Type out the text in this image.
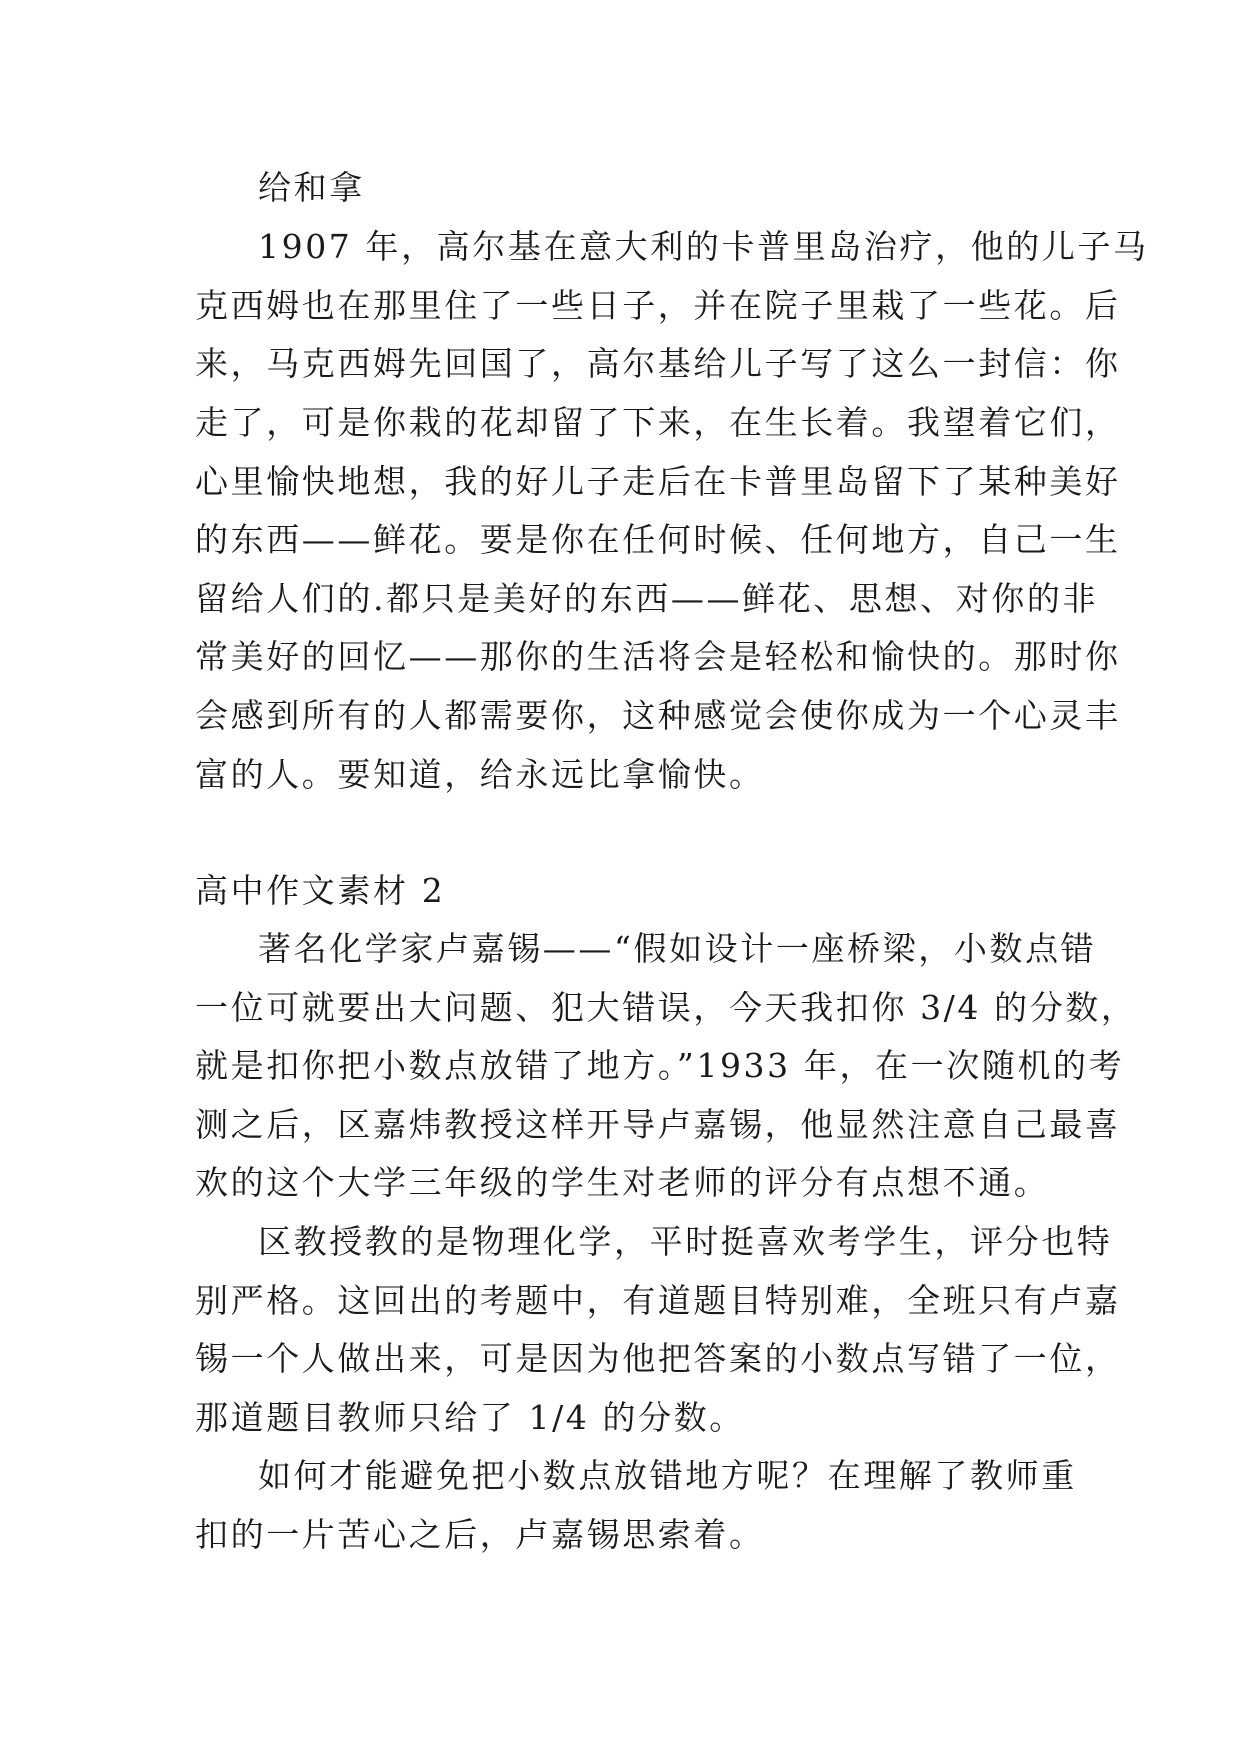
给和拿
1907 年，高尔基在意大利的卡普里岛治疗，他的儿子马
克西姆也在那里住了一些日子，并在院子里栽了一些花。后
来，马克西姆先回国了，高尔基给儿子写了这么一封信：你
走了，可是你栽的花却留了下来，在生长着。我望着它们，
心里愉快地想，我的好儿子走后在卡普里岛留下了某种美好
的东西——鲜花。要是你在任何时候、任何地方，自己一生
留给人们的.都只是美好的东西——鲜花、思想、对你的非
常美好的回忆——那你的生活将会是轻松和愉快的。那时你
会感到所有的人都需要你，这种感觉会使你成为一个心灵丰
富的人。要知道，给永远比拿愉快。
高中作文素材 2
著名化学家卢嘉锡——“假如设计一座桥梁，小数点错
一位可就要出大问题、犯大错误，今天我扣你 3/4 的分数，
就是扣你把小数点放错了地方。”1933 年，在一次随机的考
测之后，区嘉炜教授这样开导卢嘉锡，他显然注意自己最喜
欢的这个大学三年级的学生对老师的评分有点想不通。
区教授教的是物理化学，平时挺喜欢考学生，评分也特
别严格。这回出的考题中，有道题目特别难，全班只有卢嘉
锡一个人做出来，可是因为他把答案的小数点写错了一位，
那道题目教师只给了 1/4 的分数。
如何才能避免把小数点放错地方呢？在理解了教师重
扣的一片苦心之后，卢嘉锡思索着。
